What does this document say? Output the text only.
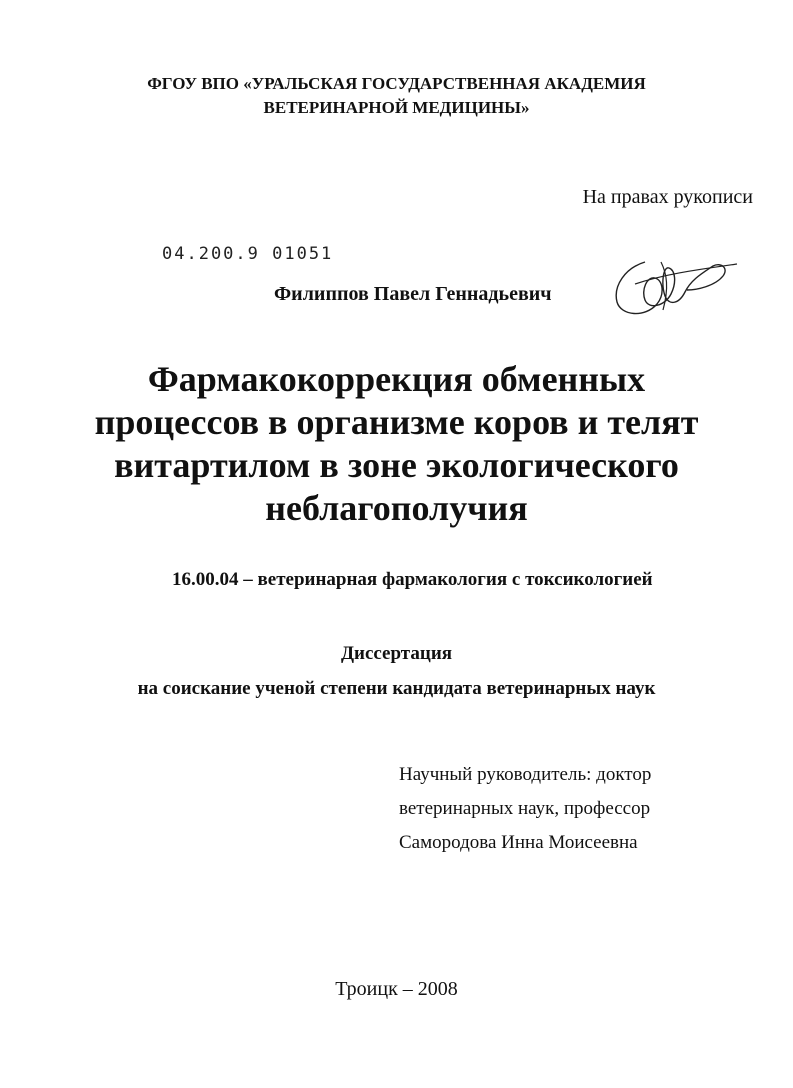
ФГОУ ВПО «УРАЛЬСКАЯ ГОСУДАРСТВЕННАЯ АКАДЕМИЯ
ВЕТЕРИНАРНОЙ МЕДИЦИНЫ»
На правах рукописи
04.200.9 01051
Филиппов Павел Геннадьевич
Фармакокоррекция обменных
процессов в организме коров и телят
витартилом в зоне экологического
неблагополучия
16.00.04 – ветеринарная фармакология с токсикологией
Диссертация
на соискание ученой степени кандидата ветеринарных наук
Научный руководитель: доктор
ветеринарных наук, профессор
Самородова Инна Моисеевна
Троицк – 2008
